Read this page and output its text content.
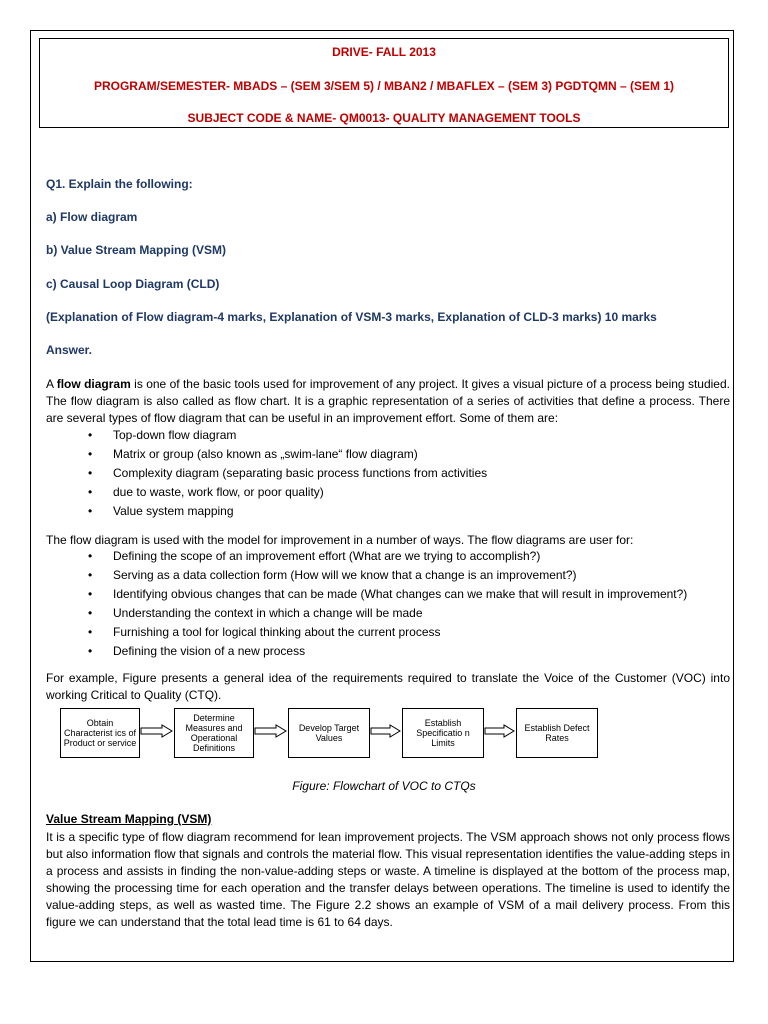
DRIVE- FALL 2013
PROGRAM/SEMESTER- MBADS – (SEM 3/SEM 5) / MBAN2 / MBAFLEX – (SEM 3) PGDTQMN – (SEM 1)
SUBJECT CODE & NAME- QM0013- QUALITY MANAGEMENT TOOLS
Q1. Explain the following:
a) Flow diagram
b) Value Stream Mapping (VSM)
c) Causal Loop Diagram (CLD)
(Explanation of Flow diagram-4 marks, Explanation of VSM-3 marks, Explanation of CLD-3 marks) 10 marks
Answer.
A flow diagram is one of the basic tools used for improvement of any project. It gives a visual picture of a process being studied. The flow diagram is also called as flow chart. It is a graphic representation of a series of activities that define a process. There are several types of flow diagram that can be useful in an improvement effort. Some of them are:
• Top-down flow diagram
• Matrix or group (also known as „swim-lane“ flow diagram)
• Complexity diagram (separating basic process functions from activities
• due to waste, work flow, or poor quality)
• Value system mapping
The flow diagram is used with the model for improvement in a number of ways. The flow diagrams are user for:
• Defining the scope of an improvement effort (What are we trying to accomplish?)
• Serving as a data collection form (How will we know that a change is an improvement?)
• Identifying obvious changes that can be made (What changes can we make that will result in improvement?)
• Understanding the context in which a change will be made
• Furnishing a tool for logical thinking about the current process
• Defining the vision of a new process
For example, Figure presents a general idea of the requirements required to translate the Voice of the Customer (VOC) into working Critical to Quality (CTQ).
Obtain Characterist ics of Product or service
Determine Measures and Operational Definitions
Develop Target Values
Establish Specificatio n Limits
Establish Defect Rates
Figure: Flowchart of VOC to CTQs
Value Stream Mapping (VSM)
It is a specific type of flow diagram recommend for lean improvement projects. The VSM approach shows not only process flows but also information flow that signals and controls the material flow. This visual representation identifies the value-adding steps in a process and assists in finding the non-value-adding steps or waste. A timeline is displayed at the bottom of the process map, showing the processing time for each operation and the transfer delays between operations. The timeline is used to identify the value-adding steps, as well as wasted time. The Figure 2.2 shows an example of VSM of a mail delivery process. From this figure we can understand that the total lead time is 61 to 64 days.
